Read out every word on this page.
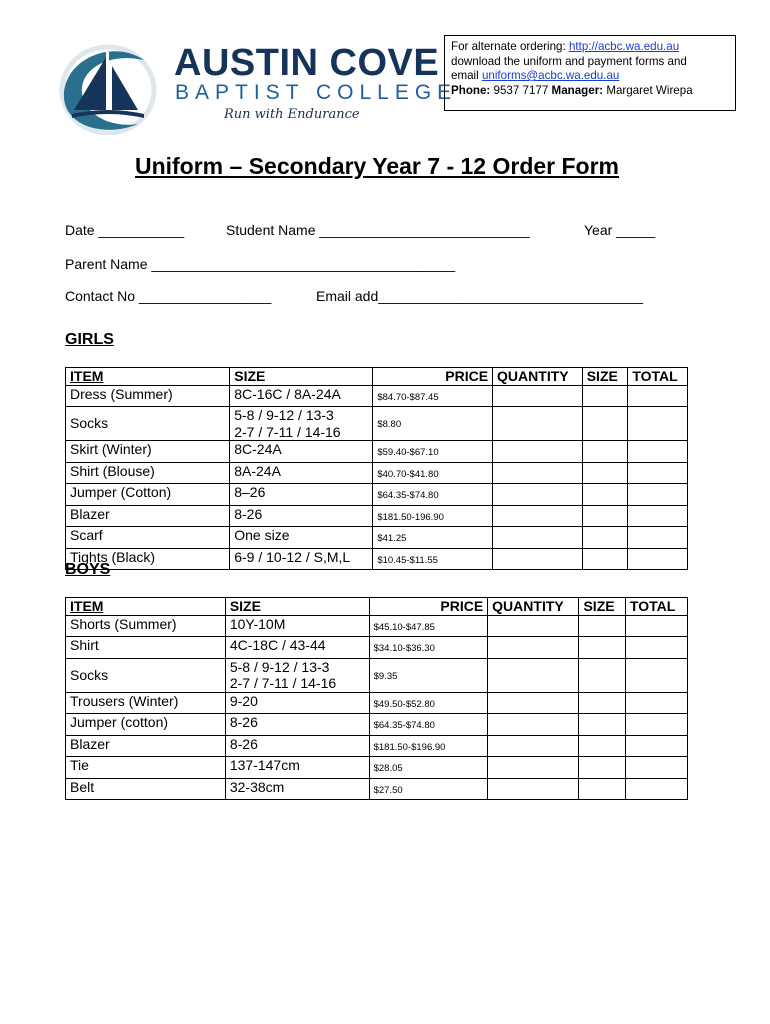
AUSTIN COVE
BAPTIST COLLEGE
Run with Endurance
For alternate ordering: http://acbc.wa.edu.au
download the uniform and payment forms and
email uniforms@acbc.wa.edu.au
Phone: 9537 7177 Manager: Margaret Wirepa
Uniform – Secondary Year 7 - 12 Order Form
Date ___________	Student Name ___________________________	Year _____
Parent Name _______________________________________
Contact No _________________	Email add__________________________________
GIRLS
ITEM	SIZE	PRICE	QUANTITY	SIZE	TOTAL
Dress (Summer)	8C-16C / 8A-24A	$84.70-$87.45			
Socks	5-8 / 9-12 / 13-3
2-7 / 7-11 / 14-16	$8.80			
Skirt (Winter)	8C-24A	$59.40-$67.10			
Shirt (Blouse)	8A-24A	$40.70-$41.80			
Jumper (Cotton)	8–26	$64.35-$74.80			
Blazer	8-26	$181.50-196.90			
Scarf	One size	$41.25			
Tights (Black)	6-9 / 10-12 / S,M,L	$10.45-$11.55			
BOYS
ITEM	SIZE	PRICE	QUANTITY	SIZE	TOTAL
Shorts (Summer)	10Y-10M	$45.10-$47.85			
Shirt	4C-18C / 43-44	$34.10-$36.30			
Socks	5-8 / 9-12 / 13-3
2-7 / 7-11 / 14-16	$9.35			
Trousers (Winter)	9-20	$49.50-$52.80			
Jumper (cotton)	8-26	$64.35-$74.80			
Blazer	8-26	$181.50-$196.90			
Tie	137-147cm	$28.05			
Belt	32-38cm	$27.50			
